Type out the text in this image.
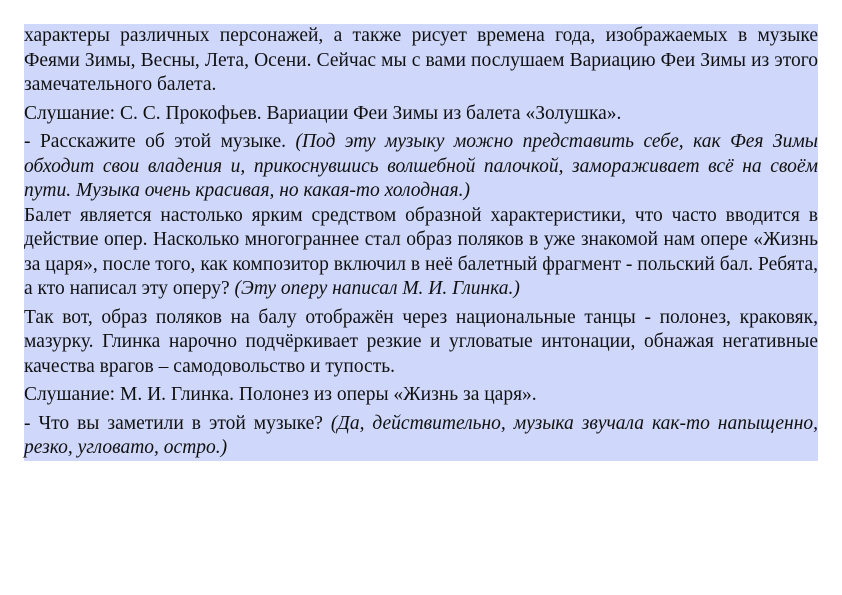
характеры различных персонажей, а также рисует времена года, изображаемых в музыке Феями Зимы, Весны, Лета, Осени. Сейчас мы с вами послушаем Вариацию Феи Зимы из этого замечательного балета.

Слушание: С. С. Прокофьев. Вариации Феи Зимы из балета «Золушка».

- Расскажите об этой музыке. (Под эту музыку можно представить себе, как Фея Зимы обходит свои владения и, прикоснувшись волшебной палочкой, замораживает всё на своём пути. Музыка очень красивая, но какая-то холодная.)

Балет является настолько ярким средством образной характеристики, что часто вводится в действие опер. Насколько многограннее стал образ поляков в уже знакомой нам опере «Жизнь за царя», после того, как композитор включил в неё балетный фрагмент - польский бал. Ребята, а кто написал эту оперу? (Эту оперу написал М. И. Глинка.)

Так вот, образ поляков на балу отображён через национальные танцы - полонез, краковяк, мазурку. Глинка нарочно подчёркивает резкие и угловатые интонации, обнажая негативные качества врагов – самодовольство и тупость.

Слушание: М. И. Глинка. Полонез из оперы «Жизнь за царя».

- Что вы заметили в этой музыке? (Да, действительно, музыка звучала как-то напыщенно, резко, угловато, остро.)
